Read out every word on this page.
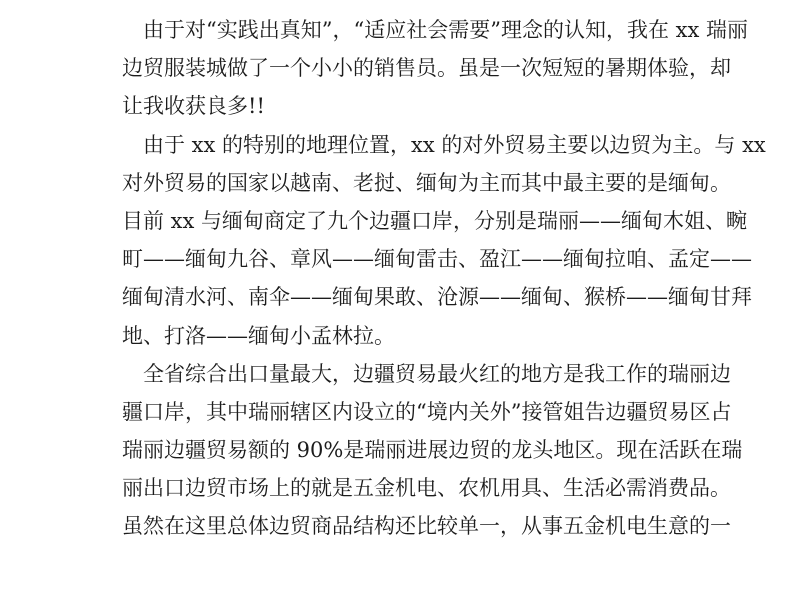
由于对“实践出真知”，“适应社会需要”理念的认知，我在 xx 瑞丽
边贸服装城做了一个小小的销售员。虽是一次短短的暑期体验，却
让我收获良多!!
由于 xx 的特别的地理位置，xx 的对外贸易主要以边贸为主。与 xx
对外贸易的国家以越南、老挝、缅甸为主而其中最主要的是缅甸。
目前 xx 与缅甸商定了九个边疆口岸，分别是瑞丽——缅甸木姐、畹
町——缅甸九谷、章风——缅甸雷击、盈江——缅甸拉咱、孟定——
缅甸清水河、南伞——缅甸果敢、沧源——缅甸、猴桥——缅甸甘拜
地、打洛——缅甸小孟林拉。
全省综合出口量最大，边疆贸易最火红的地方是我工作的瑞丽边
疆口岸，其中瑞丽辖区内设立的“境内关外”接管姐告边疆贸易区占
瑞丽边疆贸易额的 90%是瑞丽进展边贸的龙头地区。现在活跃在瑞
丽出口边贸市场上的就是五金机电、农机用具、生活必需消费品。
虽然在这里总体边贸商品结构还比较单一，从事五金机电生意的一
